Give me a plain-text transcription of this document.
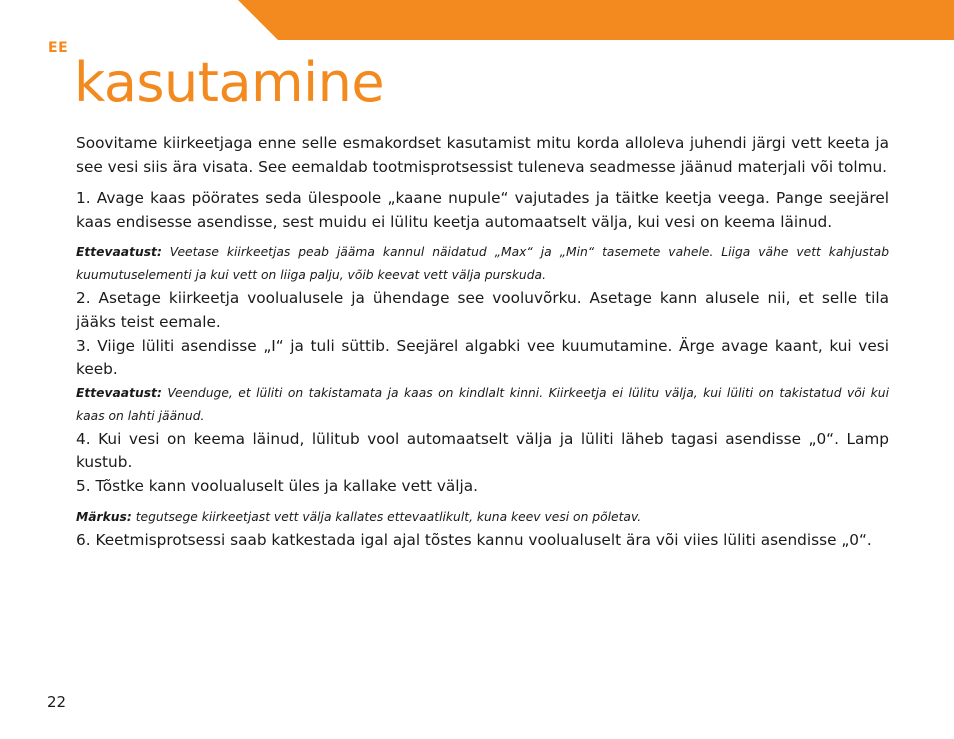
EE
kasutamine

Soovitame kiirkeetjaga enne selle esmakordset kasutamist mitu korda alloleva juhendi järgi vett keeta ja see vesi siis ära visata. See eemaldab tootmisprotsessist tuleneva seadmesse jäänud materjali või tolmu.

1. Avage kaas pöörates seda ülespoole „kaane nupule“ vajutades ja täitke keetja veega. Pange seejärel kaas endisesse asendisse, sest muidu ei lülitu keetja automaatselt välja, kui vesi on keema läinud.

Ettevaatust: Veetase kiirkeetjas peab jääma kannul näidatud „Max“ ja „Min“ tasemete vahele. Liiga vähe vett kahjustab kuumutuselementi ja kui vett on liiga palju, võib keevat vett välja purskuda.

2. Asetage kiirkeetja voolualusele ja ühendage see vooluvõrku. Asetage kann alusele nii, et selle tila jääks teist eemale.

3. Viige lüliti asendisse „I“ ja tuli süttib. Seejärel algabki vee kuumutamine. Ärge avage kaant, kui vesi keeb.

Ettevaatust: Veenduge, et lüliti on takistamata ja kaas on kindlalt kinni. Kiirkeetja ei lülitu välja, kui lüliti on takistatud või kui kaas on lahti jäänud.

4. Kui vesi on keema läinud, lülitub vool automaatselt välja ja lüliti läheb tagasi asendisse „0“. Lamp kustub.

5. Tõstke kann voolualuselt üles ja kallake vett välja.

Märkus: tegutsege kiirkeetjast vett välja kallates ettevaatlikult, kuna keev vesi on põletav.

6. Keetmisprotsessi saab katkestada igal ajal tõstes kannu voolualuselt ära või viies lüliti asendisse „0“.

22
